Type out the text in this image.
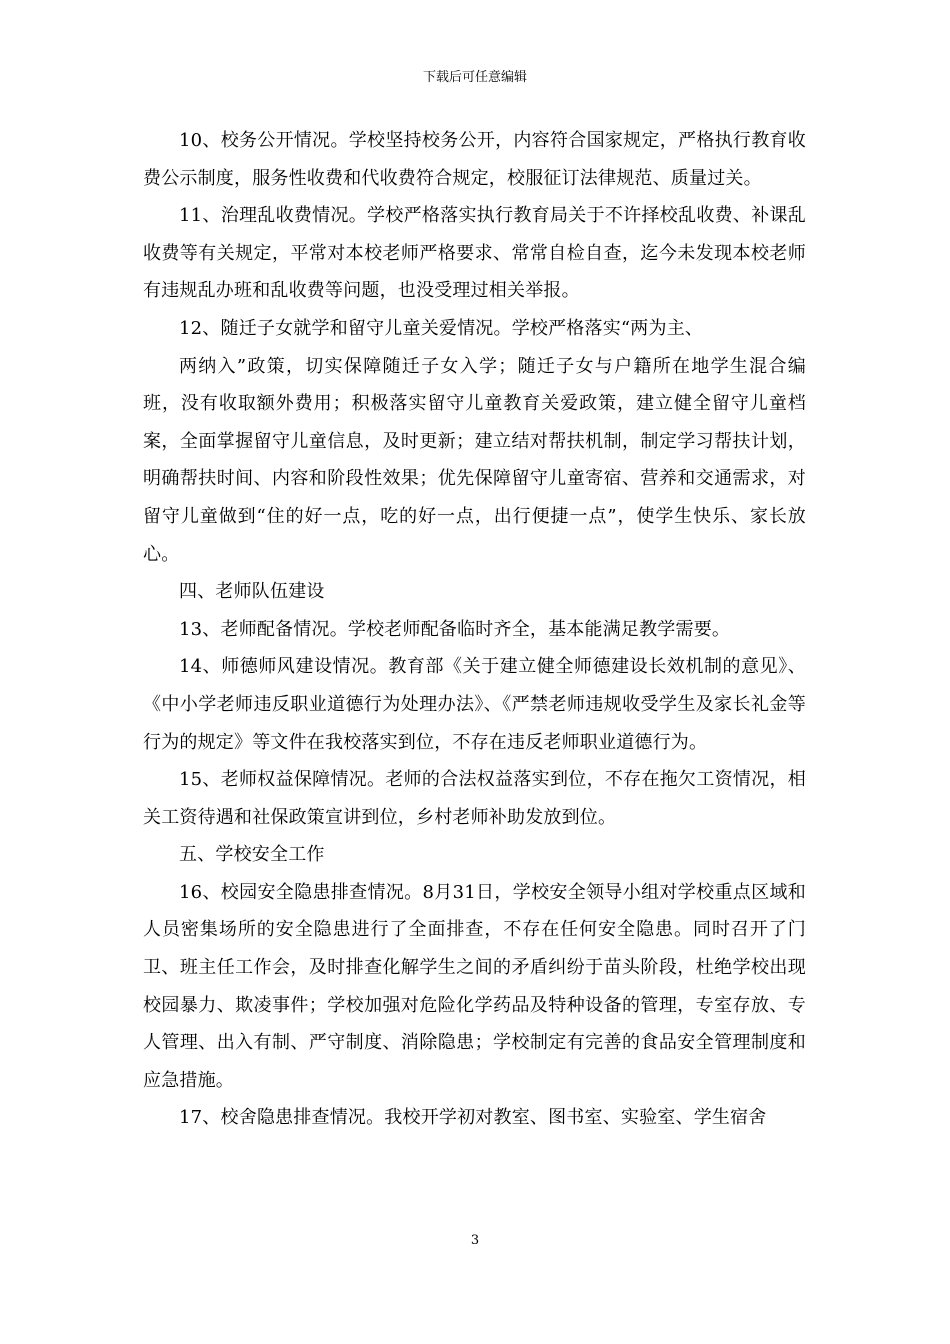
下载后可任意编辑

10、校务公开情况。学校坚持校务公开，内容符合国家规定，严格执行教育收费公示制度，服务性收费和代收费符合规定，校服征订法律规范、质量过关。

11、治理乱收费情况。学校严格落实执行教育局关于不许择校乱收费、补课乱收费等有关规定，平常对本校老师严格要求、常常自检自查，迄今未发现本校老师有违规乱办班和乱收费等问题，也没受理过相关举报。

12、随迁子女就学和留守儿童关爱情况。学校严格落实“两为主、

两纳入”政策，切实保障随迁子女入学；随迁子女与户籍所在地学生混合编班，没有收取额外费用；积极落实留守儿童教育关爱政策，建立健全留守儿童档案，全面掌握留守儿童信息，及时更新；建立结对帮扶机制，制定学习帮扶计划，明确帮扶时间、内容和阶段性效果；优先保障留守儿童寄宿、营养和交通需求，对留守儿童做到“住的好一点，吃的好一点，出行便捷一点”，使学生快乐、家长放心。

四、老师队伍建设

13、老师配备情况。学校老师配备临时齐全，基本能满足教学需要。

14、师德师风建设情况。教育部《关于建立健全师德建设长效机制的意见》、《中小学老师违反职业道德行为处理办法》、《严禁老师违规收受学生及家长礼金等行为的规定》等文件在我校落实到位，不存在违反老师职业道德行为。

15、老师权益保障情况。老师的合法权益落实到位，不存在拖欠工资情况，相关工资待遇和社保政策宣讲到位，乡村老师补助发放到位。

五、学校安全工作

16、校园安全隐患排查情况。8月31日，学校安全领导小组对学校重点区域和人员密集场所的安全隐患进行了全面排查，不存在任何安全隐患。同时召开了门卫、班主任工作会，及时排查化解学生之间的矛盾纠纷于苗头阶段，杜绝学校出现校园暴力、欺凌事件；学校加强对危险化学药品及特种设备的管理，专室存放、专人管理、出入有制、严守制度、消除隐患；学校制定有完善的食品安全管理制度和应急措施。

17、校舍隐患排查情况。我校开学初对教室、图书室、实验室、学生宿舍

3
